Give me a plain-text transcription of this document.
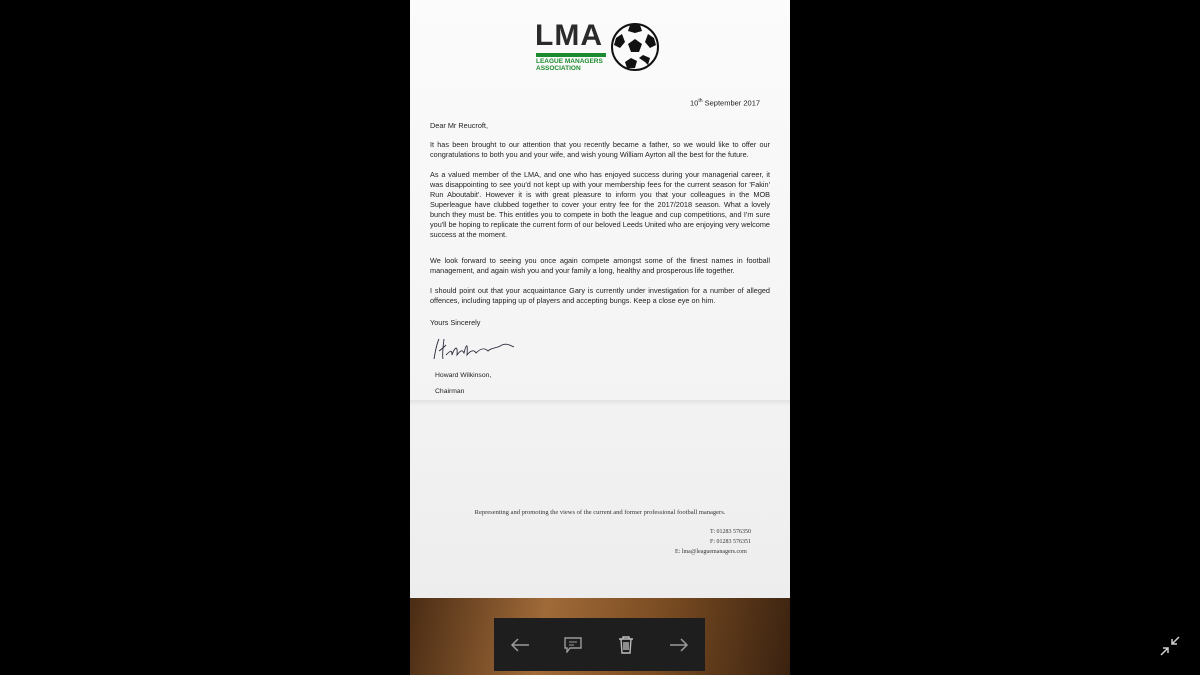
LMA
LEAGUE MANAGERS
ASSOCIATION
10th September 2017
Dear Mr Reucroft,
It has been brought to our attention that you recently became a father, so we would like to offer our congratulations to both you and your wife, and wish young William Ayrton all the best for the future.
As a valued member of the LMA, and one who has enjoyed success during your managerial career, it was disappointing to see you'd not kept up with your membership fees for the current season for 'Fakin' Run Aboutabit'. However it is with great pleasure to inform you that your colleagues in the MOB Superleague have clubbed together to cover your entry fee for the 2017/2018 season. What a lovely bunch they must be. This entitles you to compete in both the league and cup competitions, and I'm sure you'll be hoping to replicate the current form of our beloved Leeds United who are enjoying very welcome success at the moment.
We look forward to seeing you once again compete amongst some of the finest names in football management, and again wish you and your family a long, healthy and prosperous life together.
I should point out that your acquaintance Gary is currently under investigation for a number of alleged offences, including tapping up of players and accepting bungs. Keep a close eye on him.
Yours Sincerely
Howard Wilkinson,
Chairman
Representing and promoting the views of the current and former professional football managers.
T: 01283 576350
F: 01283 576351
E: lma@leaguemanagers.com
